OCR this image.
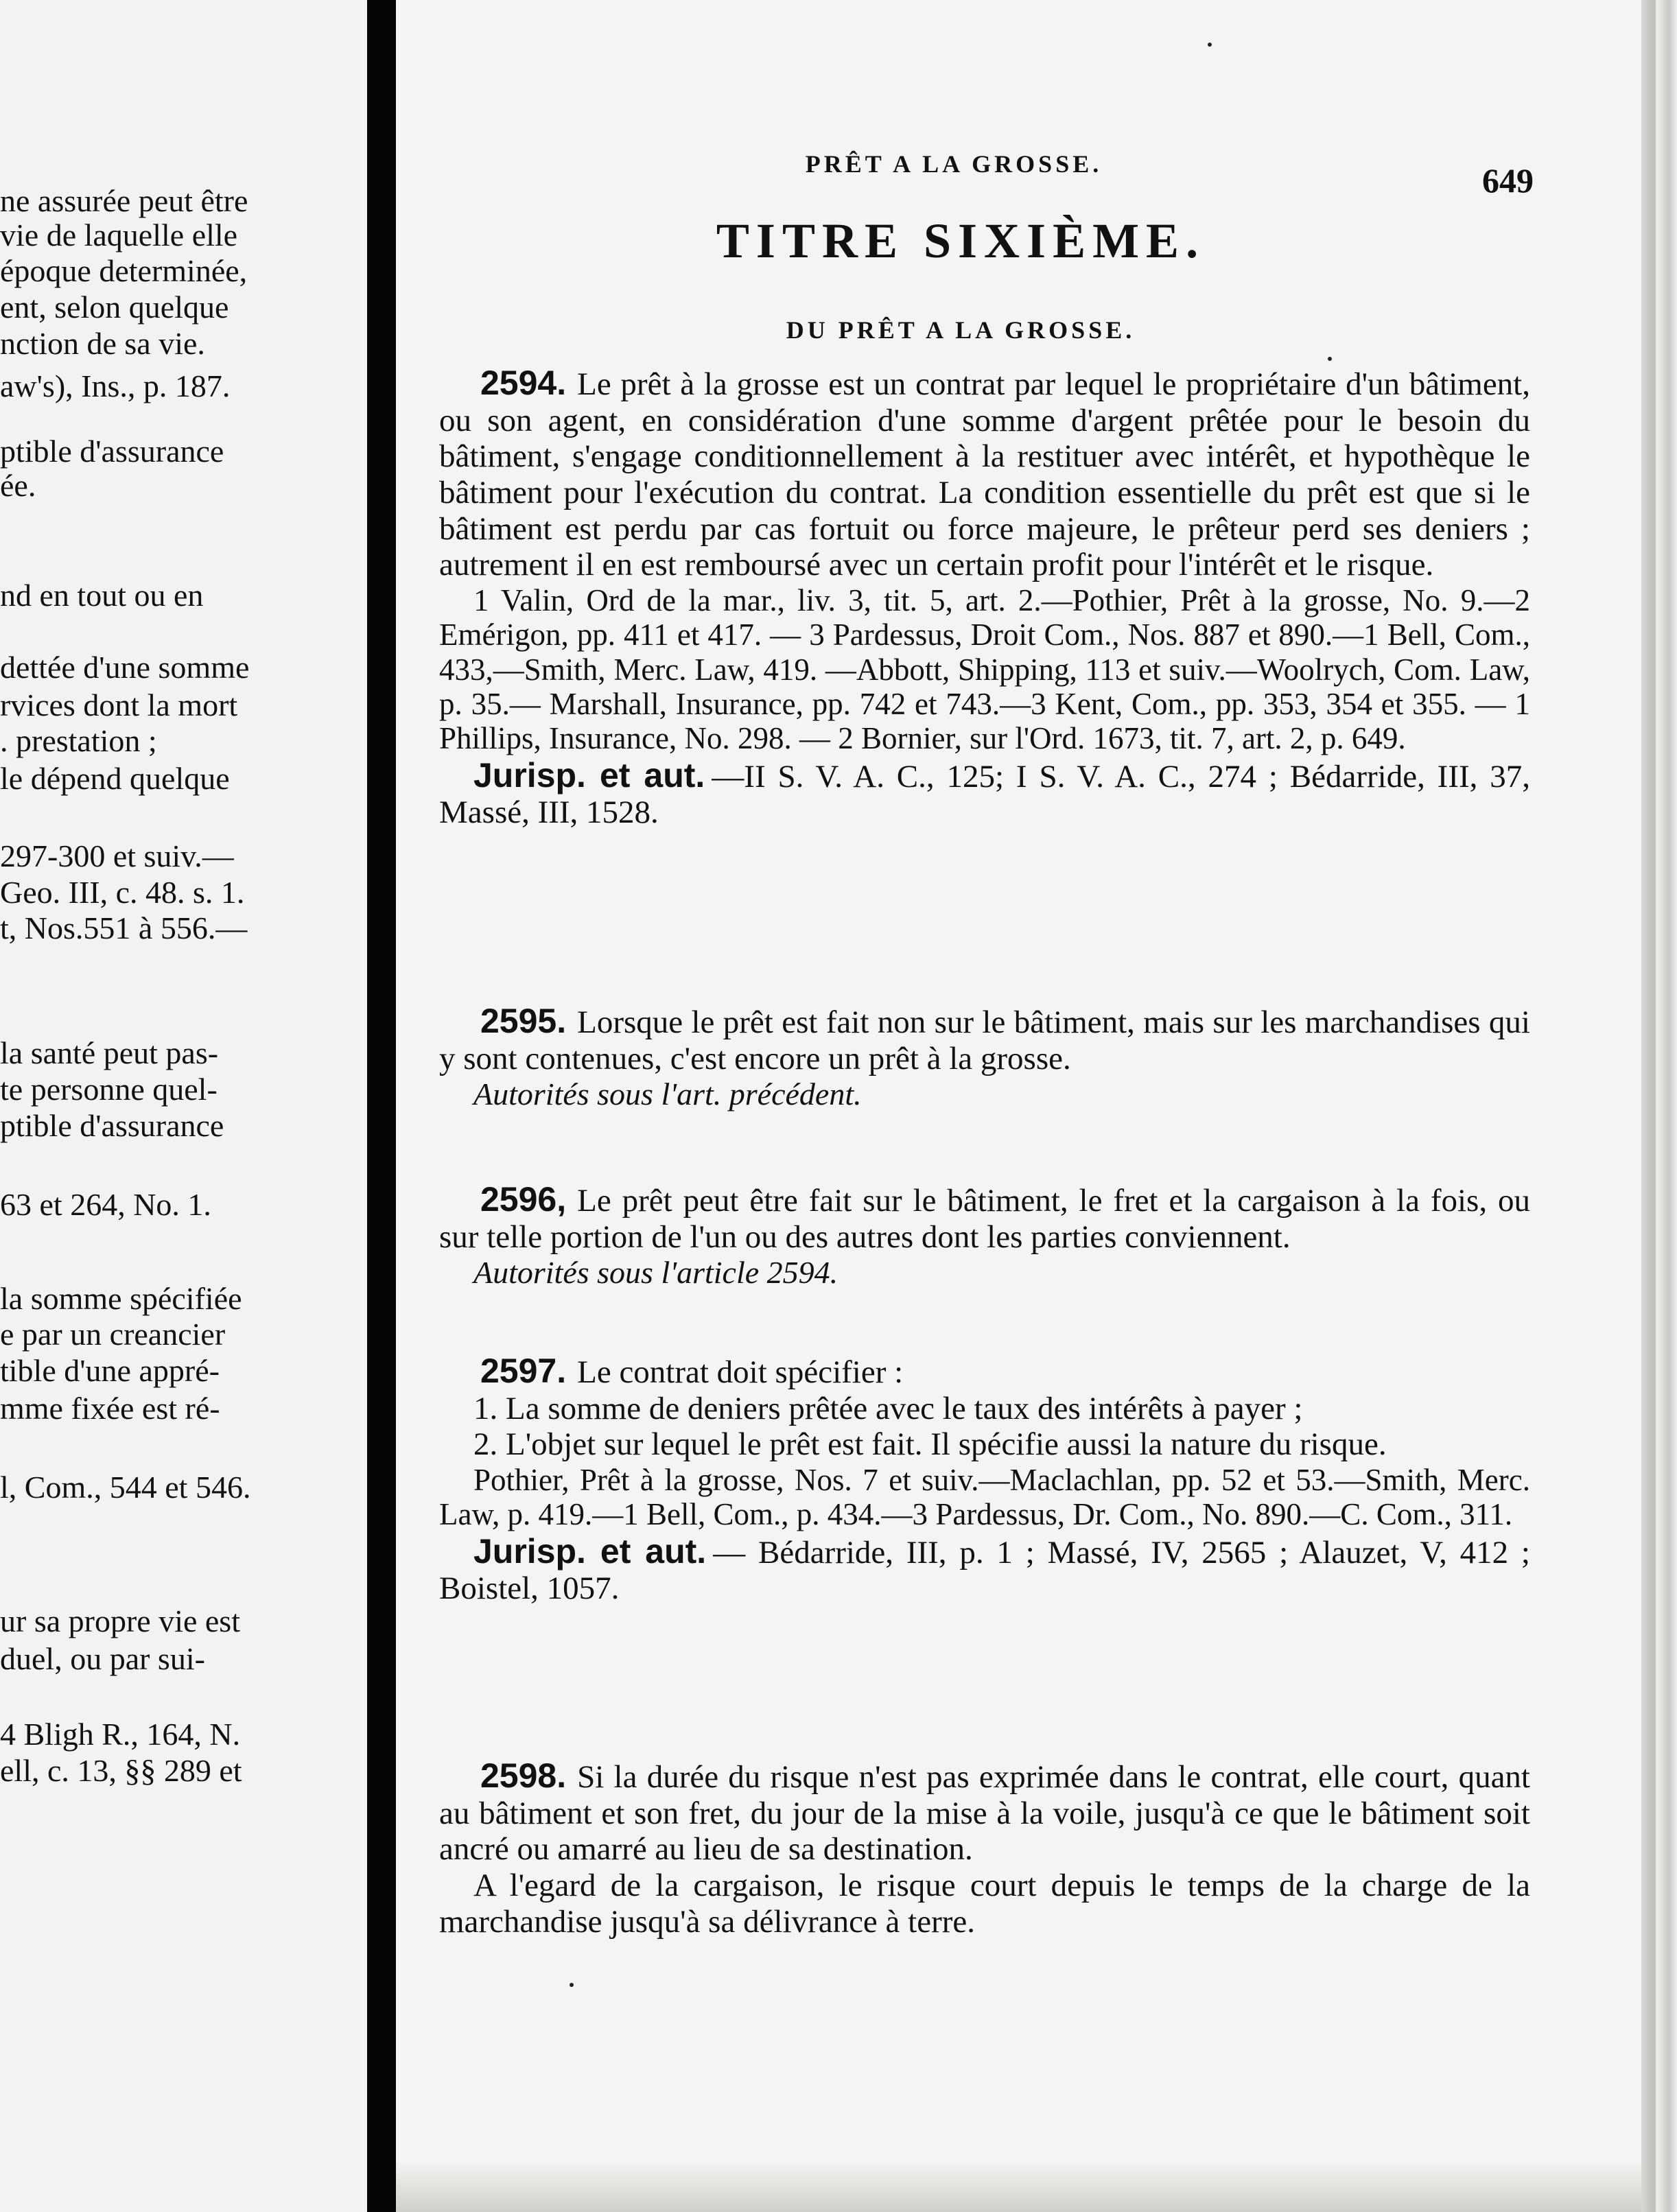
ne assurée peut être
vie de laquelle elle
époque determinée,
ent, selon quelque
nction de sa vie.
aw's), Ins., p. 187.
ptible d'assurance
ée.
nd en tout ou en
dettée d'une somme
rvices dont la mort
. prestation ;
le dépend quelque
297-300 et suiv.—
Geo. III, c. 48. s. 1.
t, Nos.551 à 556.—
la santé peut pas-
te personne quel-
ptible d'assurance
63 et 264, No. 1.
la somme spécifiée
e par un creancier
tible d'une appré-
mme fixée est ré-
l, Com., 544 et 546.
ur sa propre vie est
duel, ou par sui-
4 Bligh R., 164, N.
ell, c. 13, §§ 289 et
PRÊT A LA GROSSE.	649
TITRE SIXIÈME.
DU PRÊT A LA GROSSE.

2594. Le prêt à la grosse est un contrat par lequel le propriétaire d'un bâtiment, ou son agent, en considération d'une somme d'argent prêtée pour le besoin du bâtiment, s'engage conditionnellement à la restituer avec intérêt, et hypothèque le bâtiment pour l'exécution du contrat. La condition essentielle du prêt est que si le bâtiment est perdu par cas fortuit ou force majeure, le prêteur perd ses deniers ; autrement il en est remboursé avec un certain profit pour l'intérêt et le risque.

1 Valin, Ord de la mar., liv. 3, tit. 5, art. 2.—Pothier, Prêt à la grosse, No. 9.—2 Emérigon, pp. 411 et 417. — 3 Pardessus, Droit Com., Nos. 887 et 890.—1 Bell, Com., 433,—Smith, Merc. Law, 419. —Abbott, Shipping, 113 et suiv.—Woolrych, Com. Law, p. 35.— Marshall, Insurance, pp. 742 et 743.—3 Kent, Com., pp. 353, 354 et 355. — 1 Phillips, Insurance, No. 298. — 2 Bornier, sur l'Ord. 1673, tit. 7, art. 2, p. 649.

Jurisp. et aut. —II S. V. A. C., 125; I S. V. A. C., 274 ; Bédarride, III, 37, Massé, III, 1528.

2595. Lorsque le prêt est fait non sur le bâtiment, mais sur les marchandises qui y sont contenues, c'est encore un prêt à la grosse.

Autorités sous l'art. précédent.

2596, Le prêt peut être fait sur le bâtiment, le fret et la cargaison à la fois, ou sur telle portion de l'un ou des autres dont les parties conviennent.

Autorités sous l'article 2594.

2597. Le contrat doit spécifier :

1. La somme de deniers prêtée avec le taux des intérêts à payer ;

2. L'objet sur lequel le prêt est fait. Il spécifie aussi la nature du risque.

Pothier, Prêt à la grosse, Nos. 7 et suiv.—Maclachlan, pp. 52 et 53.—Smith, Merc. Law, p. 419.—1 Bell, Com., p. 434.—3 Pardessus, Dr. Com., No. 890.—C. Com., 311.

Jurisp. et aut. — Bédarride, III, p. 1 ; Massé, IV, 2565 ; Alauzet, V, 412 ; Boistel, 1057.

2598. Si la durée du risque n'est pas exprimée dans le contrat, elle court, quant au bâtiment et son fret, du jour de la mise à la voile, jusqu'à ce que le bâtiment soit ancré ou amarré au lieu de sa destination.

A l'egard de la cargaison, le risque court depuis le temps de la charge de la marchandise jusqu'à sa délivrance à terre.
